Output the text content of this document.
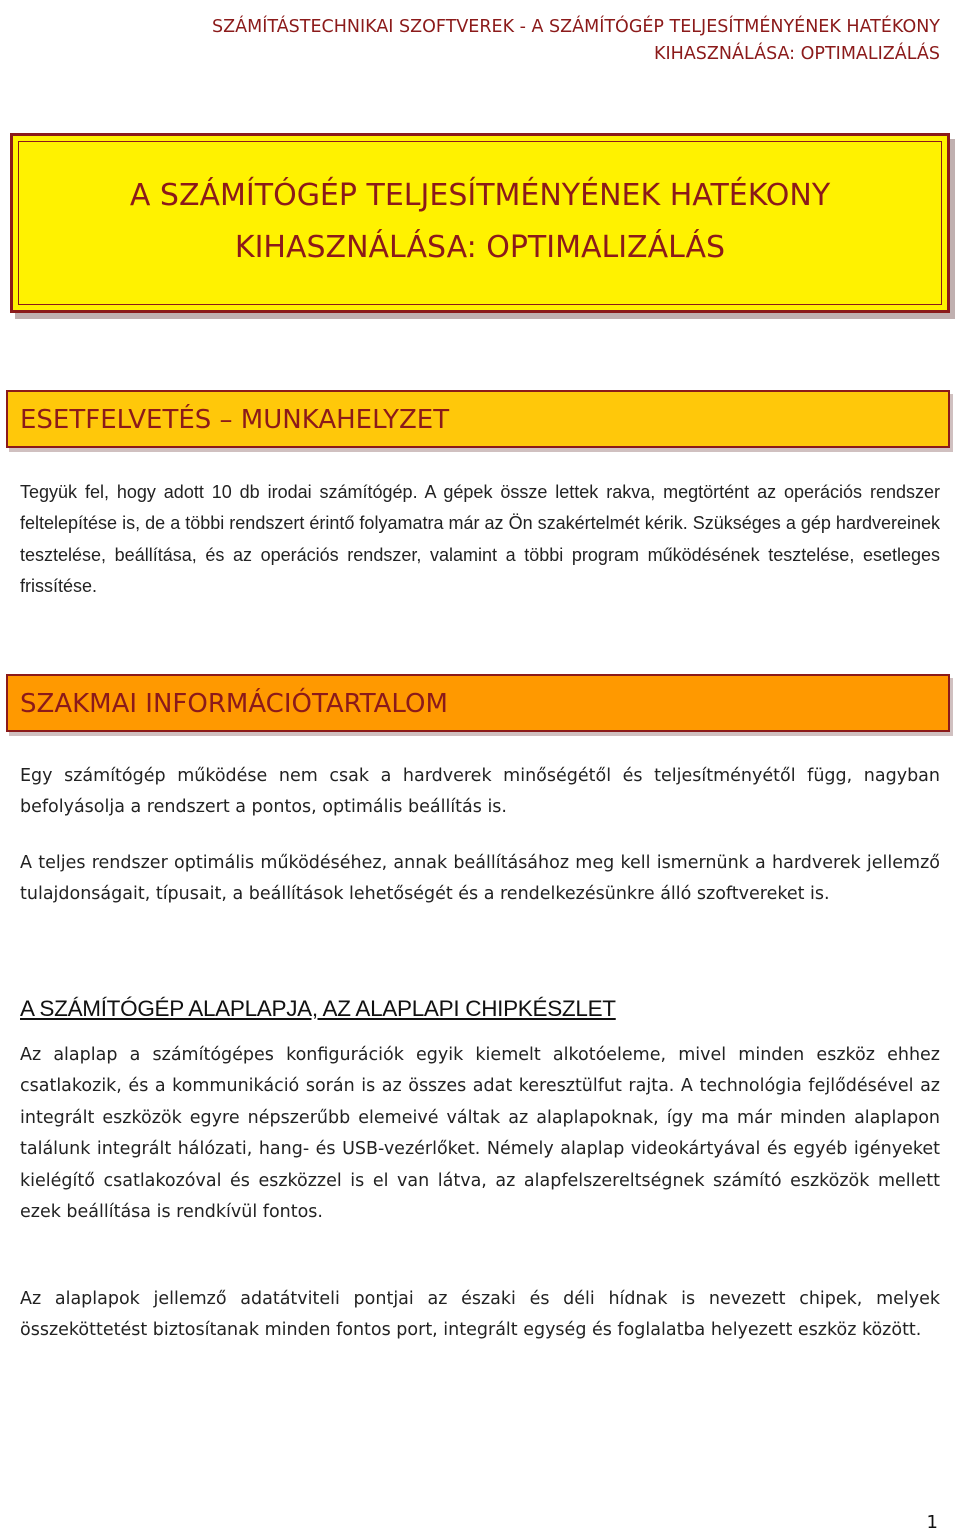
SZÁMÍTÁSTECHNIKAI SZOFTVEREK - A SZÁMÍTÓGÉP TELJESÍTMÉNYÉNEK HATÉKONY
KIHASZNÁLÁSA: OPTIMALIZÁLÁS
A SZÁMÍTÓGÉP TELJESÍTMÉNYÉNEK HATÉKONY
KIHASZNÁLÁSA: OPTIMALIZÁLÁS
ESETFELVETÉS – MUNKAHELYZET

Tegyük fel, hogy adott 10 db irodai számítógép. A gépek össze lettek rakva, megtörtént az operációs rendszer feltelepítése is, de a többi rendszert érintő folyamatra már az Ön szakértelmét kérik. Szükséges a gép hardvereinek tesztelése, beállítása, és az operációs rendszer, valamint a többi program működésének tesztelése, esetleges frissítése.

SZAKMAI INFORMÁCIÓTARTALOM

Egy számítógép működése nem csak a hardverek minőségétől és teljesítményétől függ, nagyban befolyásolja a rendszert a pontos, optimális beállítás is.

A teljes rendszer optimális működéséhez, annak beállításához meg kell ismernünk a hardverek jellemző tulajdonságait, típusait, a beállítások lehetőségét és a rendelkezésünkre álló szoftvereket is.

A SZÁMÍTÓGÉP ALAPLAPJA, AZ ALAPLAPI CHIPKÉSZLET

Az alaplap a számítógépes konfigurációk egyik kiemelt alkotóeleme, mivel minden eszköz ehhez csatlakozik, és a kommunikáció során is az összes adat keresztülfut rajta. A technológia fejlődésével az integrált eszközök egyre népszerűbb elemeivé váltak az alaplapoknak, így ma már minden alaplapon találunk integrált hálózati, hang- és USB-vezérlőket. Némely alaplap videokártyával és egyéb igényeket kielégítő csatlakozóval és eszközzel is el van látva, az alapfelszereltségnek számító eszközök mellett ezek beállítása is rendkívül fontos.

Az alaplapok jellemző adatátviteli pontjai az északi és déli hídnak is nevezett chipek, melyek összeköttetést biztosítanak minden fontos port, integrált egység és foglalatba helyezett eszköz között.

1
